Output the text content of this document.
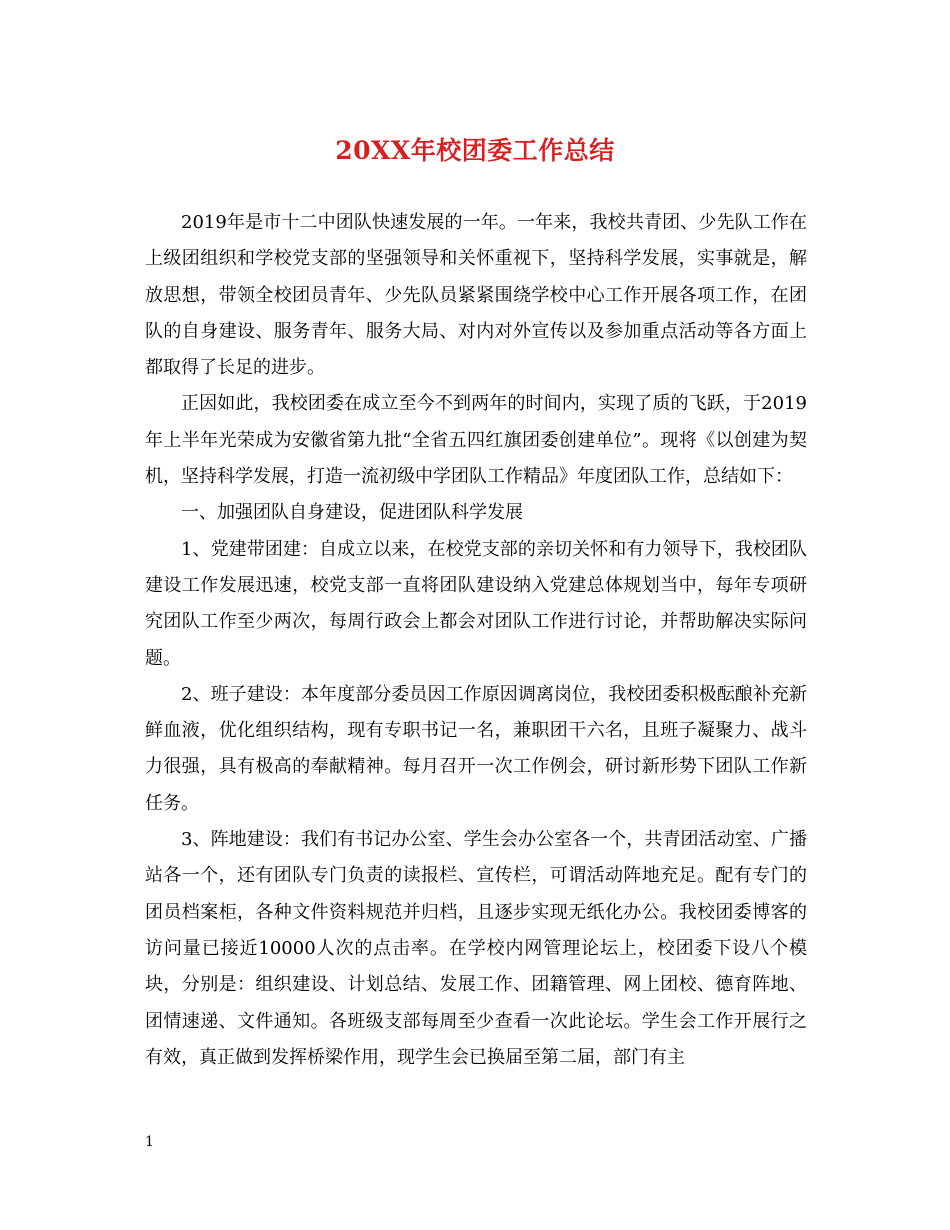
20XX年校团委工作总结

2019年是市十二中团队快速发展的一年。一年来，我校共青团、少先队工作在上级团组织和学校党支部的坚强领导和关怀重视下，坚持科学发展，实事就是，解放思想，带领全校团员青年、少先队员紧紧围绕学校中心工作开展各项工作，在团队的自身建设、服务青年、服务大局、对内对外宣传以及参加重点活动等各方面上都取得了长足的进步。

正因如此，我校团委在成立至今不到两年的时间内，实现了质的飞跃，于2019年上半年光荣成为安徽省第九批“全省五四红旗团委创建单位”。现将《以创建为契机，坚持科学发展，打造一流初级中学团队工作精品》年度团队工作，总结如下：

一、加强团队自身建设，促进团队科学发展

1、党建带团建：自成立以来，在校党支部的亲切关怀和有力领导下，我校团队建设工作发展迅速，校党支部一直将团队建设纳入党建总体规划当中，每年专项研究团队工作至少两次，每周行政会上都会对团队工作进行讨论，并帮助解决实际问题。

2、班子建设：本年度部分委员因工作原因调离岗位，我校团委积极酝酿补充新鲜血液，优化组织结构，现有专职书记一名，兼职团干六名，且班子凝聚力、战斗力很强，具有极高的奉献精神。每月召开一次工作例会，研讨新形势下团队工作新任务。

3、阵地建设：我们有书记办公室、学生会办公室各一个，共青团活动室、广播站各一个，还有团队专门负责的读报栏、宣传栏，可谓活动阵地充足。配有专门的团员档案柜，各种文件资料规范并归档，且逐步实现无纸化办公。我校团委博客的访问量已接近10000人次的点击率。在学校内网管理论坛上，校团委下设八个模块，分别是：组织建设、计划总结、发展工作、团籍管理、网上团校、德育阵地、团情速递、文件通知。各班级支部每周至少查看一次此论坛。学生会工作开展行之有效，真正做到发挥桥梁作用，现学生会已换届至第二届，部门有主

1
